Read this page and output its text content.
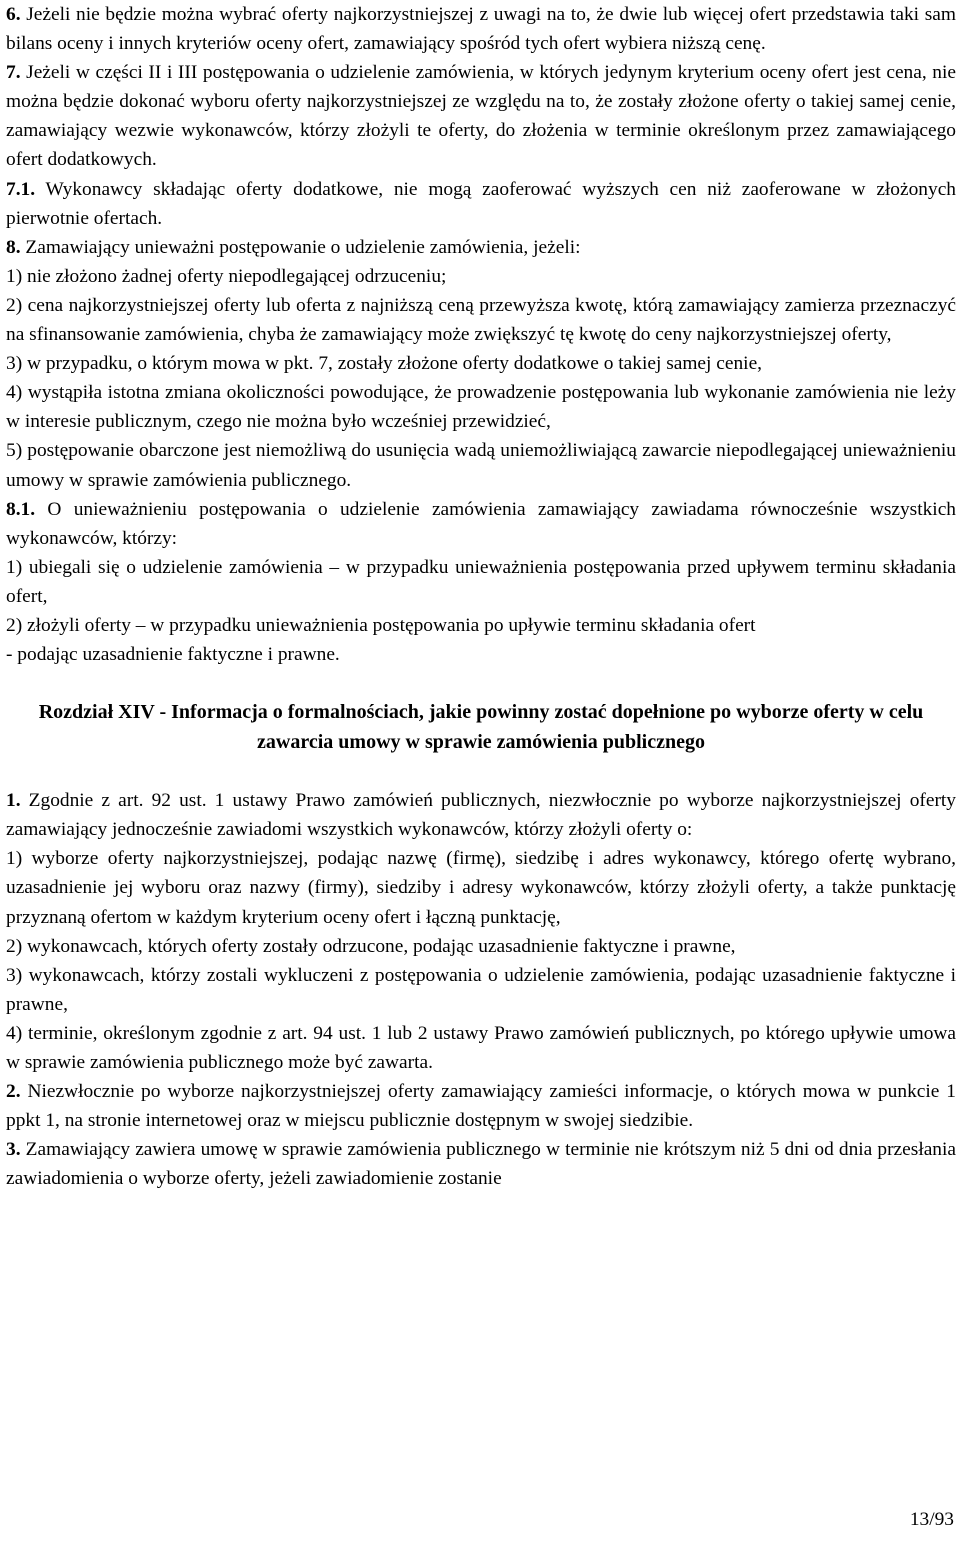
6. Jeżeli nie będzie można wybrać oferty najkorzystniejszej z uwagi na to, że dwie lub więcej ofert przedstawia taki sam bilans oceny i innych kryteriów oceny ofert, zamawiający spośród tych ofert wybiera niższą cenę.

7. Jeżeli w części II i III postępowania o udzielenie zamówienia, w których jedynym kryterium oceny ofert jest cena, nie można będzie dokonać wyboru oferty najkorzystniejszej ze względu na to, że zostały złożone oferty o takiej samej cenie, zamawiający wezwie wykonawców, którzy złożyli te oferty, do złożenia w terminie określonym przez zamawiającego ofert dodatkowych.

7.1. Wykonawcy składając oferty dodatkowe, nie mogą zaoferować wyższych cen niż zaoferowane w złożonych pierwotnie ofertach.

8. Zamawiający unieważni postępowanie o udzielenie zamówienia, jeżeli:

1) nie złożono żadnej oferty niepodlegającej odrzuceniu;

2) cena najkorzystniejszej oferty lub oferta z najniższą ceną przewyższa kwotę, którą zamawiający zamierza przeznaczyć na sfinansowanie zamówienia, chyba że zamawiający może zwiększyć tę kwotę do ceny najkorzystniejszej oferty,

3) w przypadku, o którym mowa w pkt. 7, zostały złożone oferty dodatkowe o takiej samej cenie,

4) wystąpiła istotna zmiana okoliczności powodujące, że prowadzenie postępowania lub wykonanie zamówienia nie leży w interesie publicznym, czego nie można było wcześniej przewidzieć,

5) postępowanie obarczone jest niemożliwą do usunięcia wadą uniemożliwiającą zawarcie niepodlegającej unieważnieniu umowy w sprawie zamówienia publicznego.

8.1. O unieważnieniu postępowania o udzielenie zamówienia zamawiający zawiadama równocześnie wszystkich wykonawców, którzy:

1) ubiegali się o udzielenie zamówienia – w przypadku unieważnienia postępowania przed upływem terminu składania ofert,

2) złożyli oferty – w przypadku unieważnienia postępowania po upływie terminu składania ofert

- podając uzasadnienie faktyczne i prawne.

Rozdział XIV - Informacja o formalnościach, jakie powinny zostać dopełnione po wyborze oferty w celu zawarcia umowy w sprawie zamówienia publicznego

1. Zgodnie z art. 92 ust. 1 ustawy Prawo zamówień publicznych, niezwłocznie po wyborze najkorzystniejszej oferty zamawiający jednocześnie zawiadomi wszystkich wykonawców, którzy złożyli oferty o:

1) wyborze oferty najkorzystniejszej, podając nazwę (firmę), siedzibę i adres wykonawcy, którego ofertę wybrano, uzasadnienie jej wyboru oraz nazwy (firmy), siedziby i adresy wykonawców, którzy złożyli oferty, a także punktację przyznaną ofertom w każdym kryterium oceny ofert i łączną punktację,

2) wykonawcach, których oferty zostały odrzucone, podając uzasadnienie faktyczne i prawne,

3) wykonawcach, którzy zostali wykluczeni z postępowania o udzielenie zamówienia, podając uzasadnienie faktyczne i prawne,

4) terminie, określonym zgodnie z art. 94 ust. 1 lub 2 ustawy Prawo zamówień publicznych, po którego upływie umowa w sprawie zamówienia publicznego może być zawarta.

2. Niezwłocznie po wyborze najkorzystniejszej oferty zamawiający zamieści informacje, o których mowa w punkcie 1 ppkt 1, na stronie internetowej oraz w miejscu publicznie dostępnym w swojej siedzibie.

3. Zamawiający zawiera umowę w sprawie zamówienia publicznego w terminie nie krótszym niż 5 dni od dnia przesłania zawiadomienia o wyborze oferty, jeżeli zawiadomienie zostanie

13/93
